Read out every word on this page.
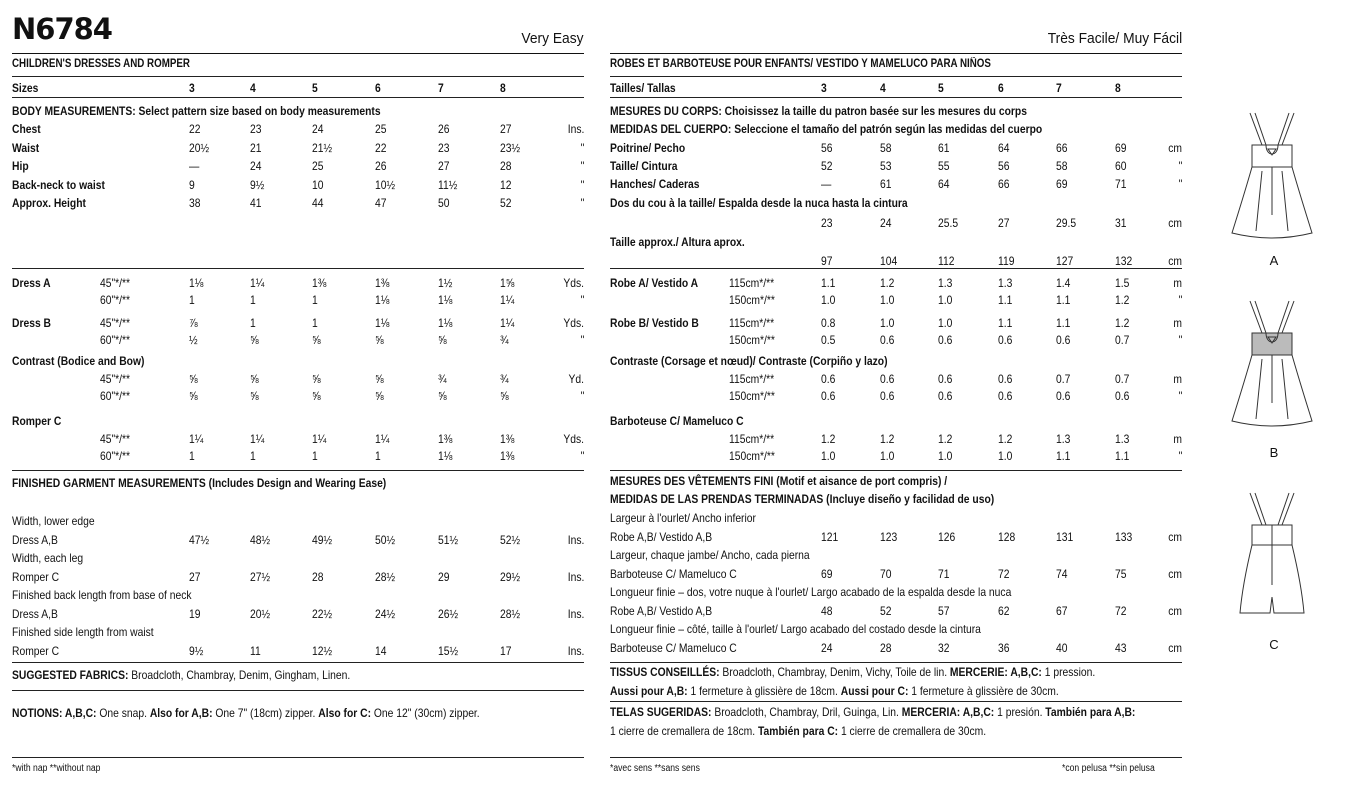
N6784	Very Easy
CHILDREN'S DRESSES AND ROMPER
Sizes	3	4	5	6	7	8
BODY MEASUREMENTS: Select pattern size based on body measurements
Chest	22	23	24	25	26	27	Ins.
Waist	20½	21	21½	22	23	23½	"
Hip	—	24	25	26	27	28	"
Back-neck to waist	9	9½	10	10½	11½	12	"
Approx. Height	38	41	44	47	50	52	"
Dress A	45"*/**	1⅛	1¼	1⅜	1⅜	1½	1⅝	Yds.
60"*/**	1	1	1	1⅛	1⅛	1¼	"
Dress B	45"*/**	⅞	1	1	1⅛	1⅛	1¼	Yds.
60"*/**	½	⅝	⅝	⅝	⅝	¾	"
Contrast (Bodice and Bow)
45"*/**	⅝	⅝	⅝	⅝	¾	¾	Yd.
60"*/**	⅝	⅝	⅝	⅝	⅝	⅝	"
Romper C
45"*/**	1¼	1¼	1¼	1¼	1⅜	1⅜	Yds.
60"*/**	1	1	1	1	1⅛	1⅜	"
FINISHED GARMENT MEASUREMENTS (Includes Design and Wearing Ease)
Width, lower edge
Dress A,B	47½	48½	49½	50½	51½	52½	Ins.
Width, each leg
Romper C	27	27½	28	28½	29	29½	Ins.
Finished back length from base of neck
Dress A,B	19	20½	22½	24½	26½	28½	Ins.
Finished side length from waist
Romper C	9½	11	12½	14	15½	17	Ins.
SUGGESTED FABRICS: Broadcloth, Chambray, Denim, Gingham, Linen.
NOTIONS: A,B,C: One snap. Also for A,B: One 7" (18cm) zipper. Also for C: One 12" (30cm) zipper.
*with nap **without nap
Très Facile/ Muy Fácil
ROBES ET BARBOTEUSE POUR ENFANTS/ VESTIDO Y MAMELUCO PARA NIÑOS
Tailles/ Tallas	3	4	5	6	7	8
MESURES DU CORPS: Choisissez la taille du patron basée sur les mesures du corps
MEDIDAS DEL CUERPO: Seleccione el tamaño del patrón según las medidas del cuerpo
Poitrine/ Pecho	56	58	61	64	66	69	cm
Taille/ Cintura	52	53	55	56	58	60	"
Hanches/ Caderas	—	61	64	66	69	71	"
Dos du cou à la taille/ Espalda desde la nuca hasta la cintura
23	24	25.5	27	29.5	31	cm
Taille approx./ Altura aprox.
97	104	112	119	127	132	cm
Robe A/ Vestido A	115cm*/**	1.1	1.2	1.3	1.3	1.4	1.5	m
150cm*/**	1.0	1.0	1.0	1.1	1.1	1.2	"
Robe B/ Vestido B	115cm*/**	0.8	1.0	1.0	1.1	1.1	1.2	m
150cm*/**	0.5	0.6	0.6	0.6	0.6	0.7	"
Contraste (Corsage et nœud)/ Contraste (Corpiño y lazo)
115cm*/**	0.6	0.6	0.6	0.6	0.7	0.7	m
150cm*/**	0.6	0.6	0.6	0.6	0.6	0.6	"
Barboteuse C/ Mameluco C
115cm*/**	1.2	1.2	1.2	1.2	1.3	1.3	m
150cm*/**	1.0	1.0	1.0	1.0	1.1	1.1	"
MESURES DES VÊTEMENTS FINI (Motif et aisance de port compris) /
MEDIDAS DE LAS PRENDAS TERMINADAS (Incluye diseño y facilidad de uso)
Largeur à l'ourlet/ Ancho inferior
Robe A,B/ Vestido A,B	121	123	126	128	131	133	cm
Largeur, chaque jambe/ Ancho, cada pierna
Barboteuse C/ Mameluco C	69	70	71	72	74	75	cm
Longueur finie – dos, votre nuque à l'ourlet/ Largo acabado de la espalda desde la nuca
Robe A,B/ Vestido A,B	48	52	57	62	67	72	cm
Longueur finie – côté, taille à l'ourlet/ Largo acabado del costado desde la cintura
Barboteuse C/ Mameluco C	24	28	32	36	40	43	cm
TISSUS CONSEILLÉS: Broadcloth, Chambray, Denim, Vichy, Toile de lin. MERCERIE: A,B,C: 1 pression.
Aussi pour A,B: 1 fermeture à glissière de 18cm. Aussi pour C: 1 fermeture à glissière de 30cm.
TELAS SUGERIDAS: Broadcloth, Chambray, Dril, Guinga, Lin. MERCERIA: A,B,C: 1 presión. También para A,B:
1 cierre de cremallera de 18cm. También para C: 1 cierre de cremallera de 30cm.
*avec sens **sans sens	*con pelusa **sin pelusa
A
B
C
